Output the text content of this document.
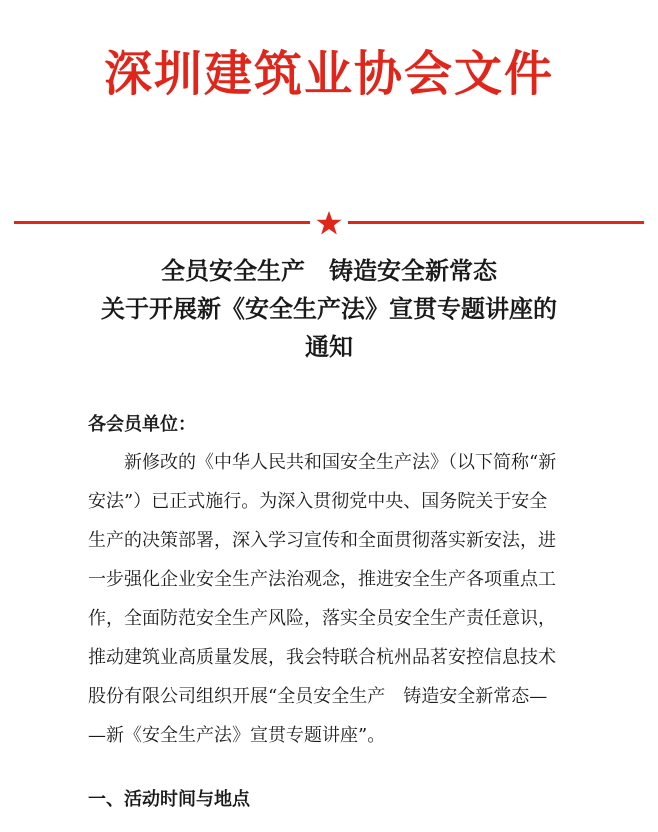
深圳建筑业协会文件
全员安全生产　铸造安全新常态
关于开展新《安全生产法》宣贯专题讲座的
通知
各会员单位：
新修改的《中华人民共和国安全生产法》（以下简称“新
安法”）已正式施行。为深入贯彻党中央、国务院关于安全
生产的决策部署，深入学习宣传和全面贯彻落实新安法，进
一步强化企业安全生产法治观念，推进安全生产各项重点工
作，全面防范安全生产风险，落实全员安全生产责任意识，
推动建筑业高质量发展，我会特联合杭州品茗安控信息技术
股份有限公司组织开展“全员安全生产　铸造安全新常态—
—新《安全生产法》宣贯专题讲座”。
一、活动时间与地点
